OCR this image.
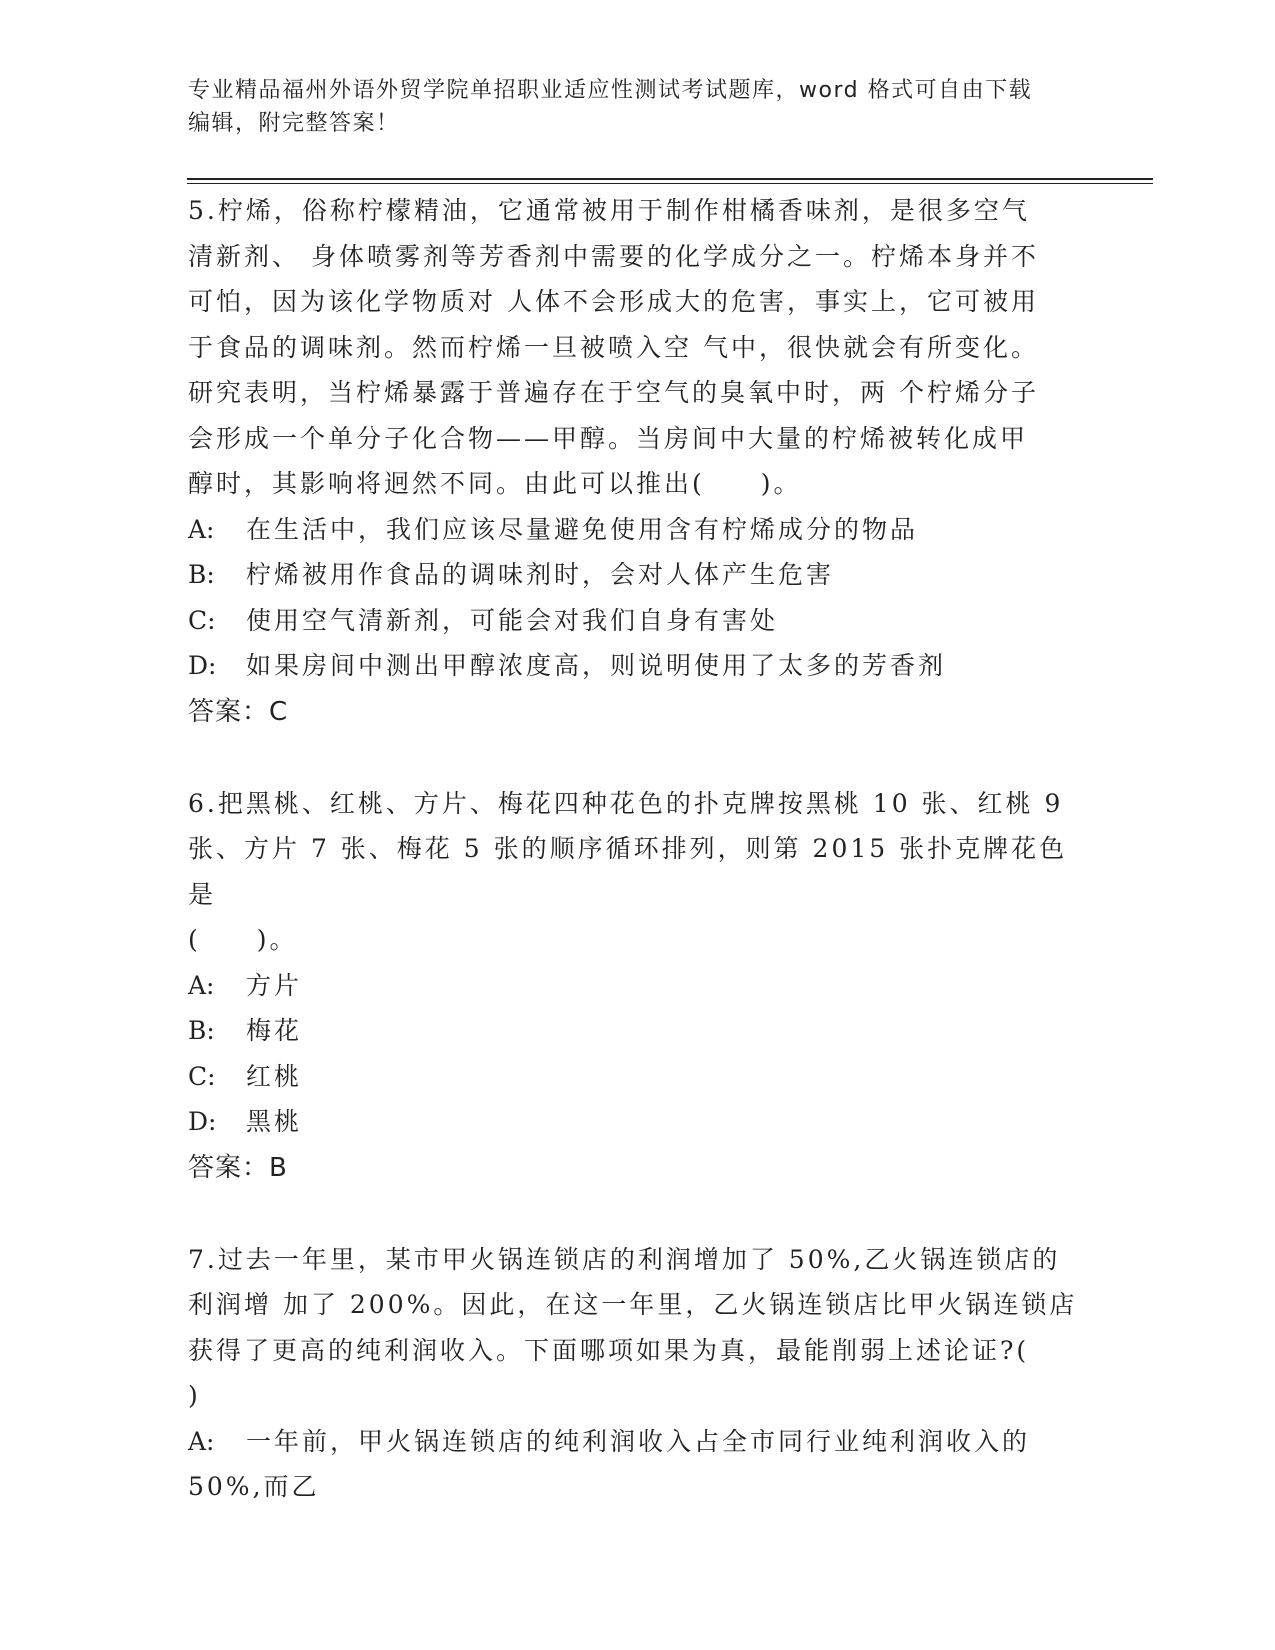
专业精品福州外语外贸学院单招职业适应性测试考试题库，word 格式可自由下载
编辑，附完整答案！

5.柠烯，俗称柠檬精油，它通常被用于制作柑橘香味剂，是很多空气

清新剂、 身体喷雾剂等芳香剂中需要的化学成分之一。柠烯本身并不

可怕，因为该化学物质对 人体不会形成大的危害，事实上，它可被用

于食品的调味剂。然而柠烯一旦被喷入空 气中，很快就会有所变化。

研究表明，当柠烯暴露于普遍存在于空气的臭氧中时，两 个柠烯分子

会形成一个单分子化合物——甲醇。当房间中大量的柠烯被转化成甲

醇时，其影响将迥然不同。由此可以推出(　　)。

A: 在生活中，我们应该尽量避免使用含有柠烯成分的物品

B: 柠烯被用作食品的调味剂时，会对人体产生危害

C: 使用空气清新剂，可能会对我们自身有害处

D: 如果房间中测出甲醇浓度高，则说明使用了太多的芳香剂

答案：C

6.把黑桃、红桃、方片、梅花四种花色的扑克牌按黑桃 10 张、红桃 9

张、方片 7 张、梅花 5 张的顺序循环排列，则第 2015 张扑克牌花色是

(　　)。

A: 方片

B: 梅花

C: 红桃

D: 黑桃

答案：B

7.过去一年里，某市甲火锅连锁店的利润增加了 50%,乙火锅连锁店的

利润增 加了 200%。因此，在这一年里，乙火锅连锁店比甲火锅连锁店

获得了更高的纯利润收入。下面哪项如果为真，最能削弱上述论证?(

)

A: 一年前，甲火锅连锁店的纯利润收入占全市同行业纯利润收入的

50%,而乙
